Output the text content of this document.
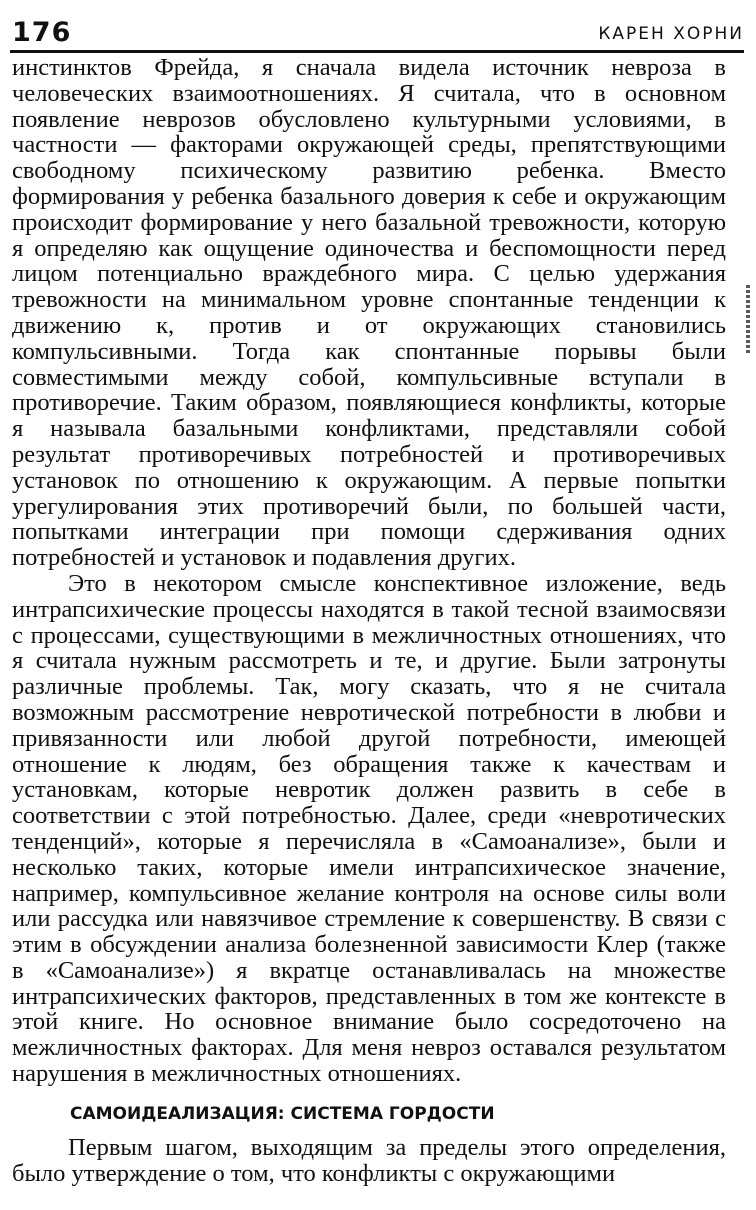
176	КАРЕН ХОРНИ

инстинктов Фрейда, я сначала видела источник невроза в человеческих взаимоотношениях. Я считала, что в основном появление неврозов обусловлено культурными условиями, в частности — факторами окружающей среды, препятствующими свободному психическому развитию ребенка. Вместо формирования у ребенка базального доверия к себе и окружающим происходит формирование у него базальной тревожности, которую я определяю как ощущение одиночества и беспомощности перед лицом потенциально враждебного мира. С целью удержания тревожности на минимальном уровне спонтанные тенденции к движению к, против и от окружающих становились компульсивными. Тогда как спонтанные порывы были совместимыми между собой, компульсивные вступали в противоречие. Таким образом, появляющиеся конфликты, которые я называла базальными конфликтами, представляли собой результат противоречивых потребностей и противоречивых установок по отношению к окружающим. А первые попытки урегулирования этих противоречий были, по большей части, попытками интеграции при помощи сдерживания одних потребностей и установок и подавления других.

Это в некотором смысле конспективное изложение, ведь интрапсихические процессы находятся в такой тесной взаимосвязи с процессами, существующими в межличностных отношениях, что я считала нужным рассмотреть и те, и другие. Были затронуты различные проблемы. Так, могу сказать, что я не считала возможным рассмотрение невротической потребности в любви и привязанности или любой другой потребности, имеющей отношение к людям, без обращения также к качествам и установкам, которые невротик должен развить в себе в соответствии с этой потребностью. Далее, среди «невротических тенденций», которые я перечисляла в «Самоанализе», были и несколько таких, которые имели интрапсихическое значение, например, компульсивное желание контроля на основе силы воли или рассудка или навязчивое стремление к совершенству. В связи с этим в обсуждении анализа болезненной зависимости Клер (также в «Самоанализе») я вкратце останавливалась на множестве интрапсихических факторов, представленных в том же контексте в этой книге. Но основное внимание было сосредоточено на межличностных факторах. Для меня невроз оставался результатом нарушения в межличностных отношениях.

САМОИДЕАЛИЗАЦИЯ: СИСТЕМА ГОРДОСТИ

Первым шагом, выходящим за пределы этого определения, было утверждение о том, что конфликты с окружающими
